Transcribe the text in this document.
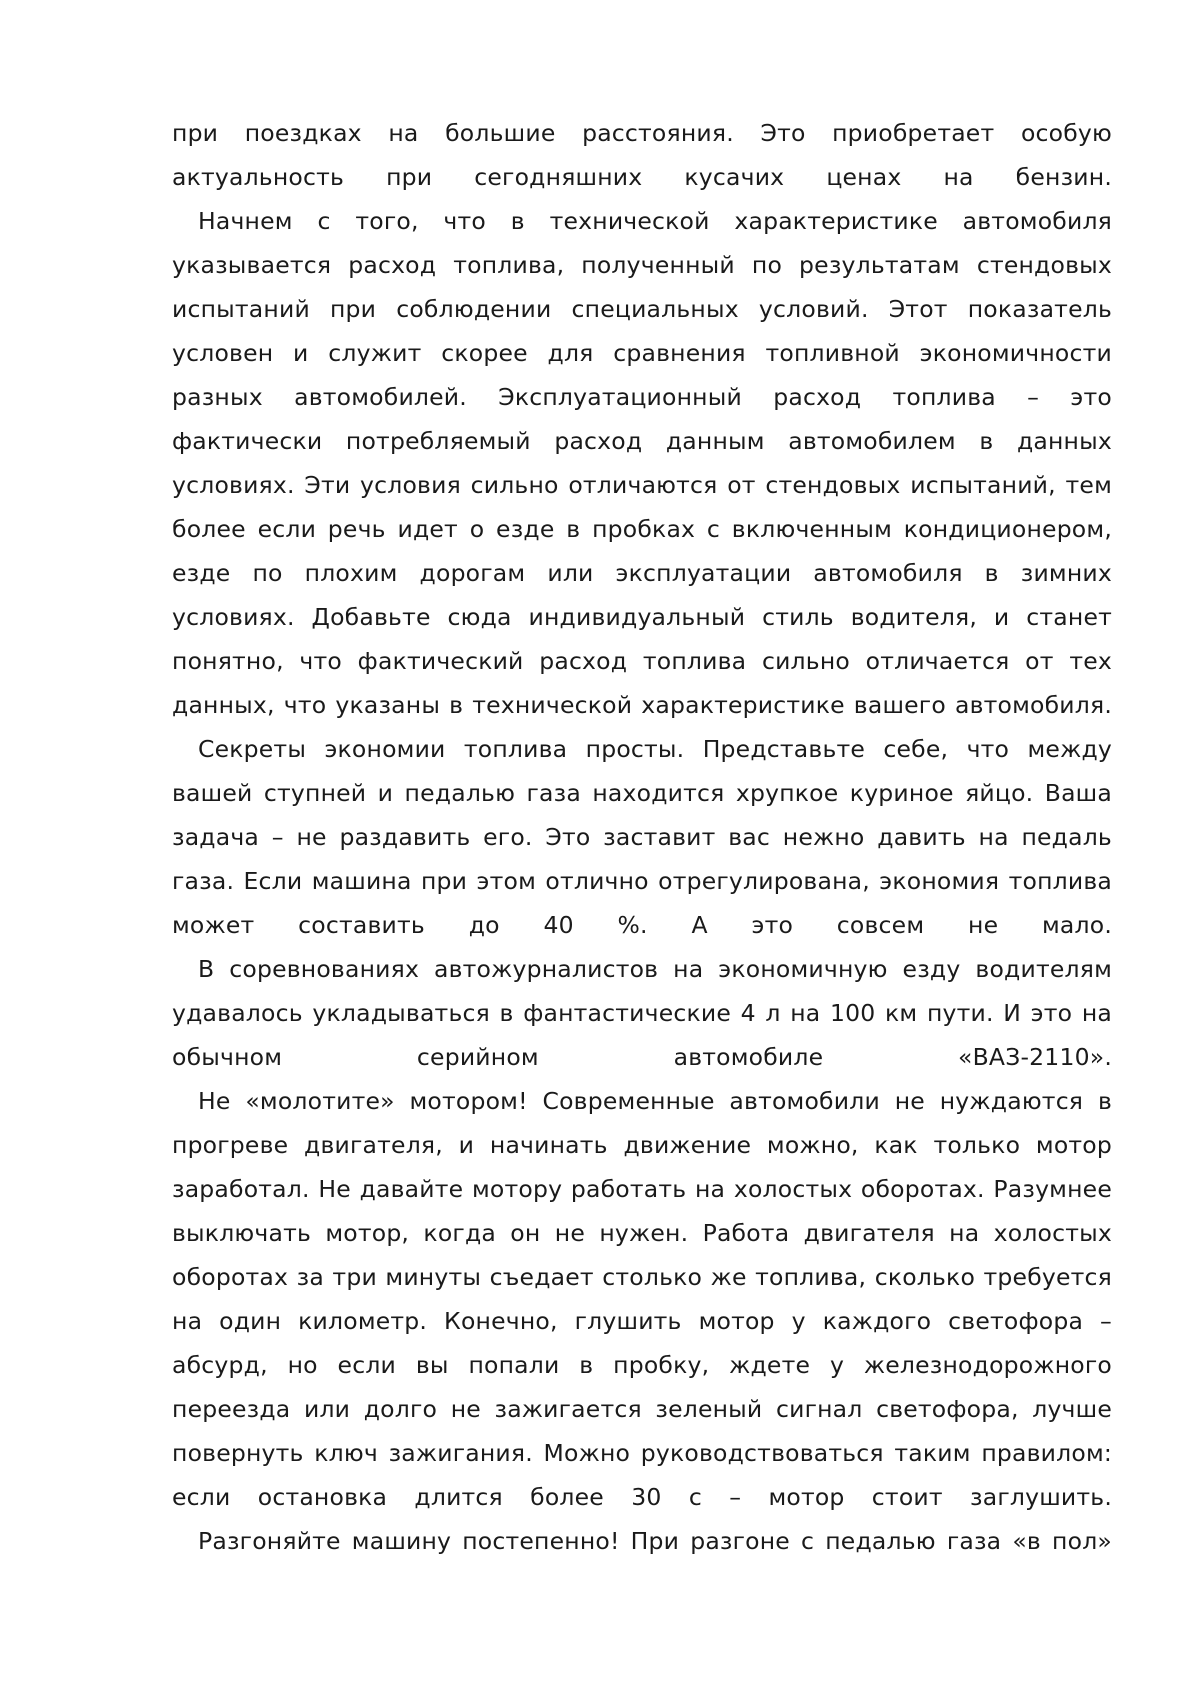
при поездках на большие расстояния. Это приобретает особую
актуальность при сегодняшних кусачих ценах на бензин.
Начнем с того, что в технической характеристике автомобиля
указывается расход топлива, полученный по результатам стендовых
испытаний при соблюдении специальных условий. Этот показатель
условен и служит скорее для сравнения топливной экономичности
разных автомобилей. Эксплуатационный расход топлива – это
фактически потребляемый расход данным автомобилем в данных
условиях. Эти условия сильно отличаются от стендовых испытаний, тем
более если речь идет о езде в пробках с включенным кондиционером,
езде по плохим дорогам или эксплуатации автомобиля в зимних
условиях. Добавьте сюда индивидуальный стиль водителя, и станет
понятно, что фактический расход топлива сильно отличается от тех
данных, что указаны в технической характеристике вашего автомобиля.
Секреты экономии топлива просты. Представьте себе, что между
вашей ступней и педалью газа находится хрупкое куриное яйцо. Ваша
задача – не раздавить его. Это заставит вас нежно давить на педаль
газа. Если машина при этом отлично отрегулирована, экономия топлива
может составить до 40 %. А это совсем не мало.
В соревнованиях автожурналистов на экономичную езду водителям
удавалось укладываться в фантастические 4 л на 100 км пути. И это на
обычном серийном автомобиле «ВАЗ-2110».
Не «молотите» мотором! Современные автомобили не нуждаются в
прогреве двигателя, и начинать движение можно, как только мотор
заработал. Не давайте мотору работать на холостых оборотах. Разумнее
выключать мотор, когда он не нужен. Работа двигателя на холостых
оборотах за три минуты съедает столько же топлива, сколько требуется
на один километр. Конечно, глушить мотор у каждого светофора –
абсурд, но если вы попали в пробку, ждете у железнодорожного
переезда или долго не зажигается зеленый сигнал светофора, лучше
повернуть ключ зажигания. Можно руководствоваться таким правилом:
если остановка длится более 30 с – мотор стоит заглушить.
Разгоняйте машину постепенно! При разгоне с педалью газа «в пол»
